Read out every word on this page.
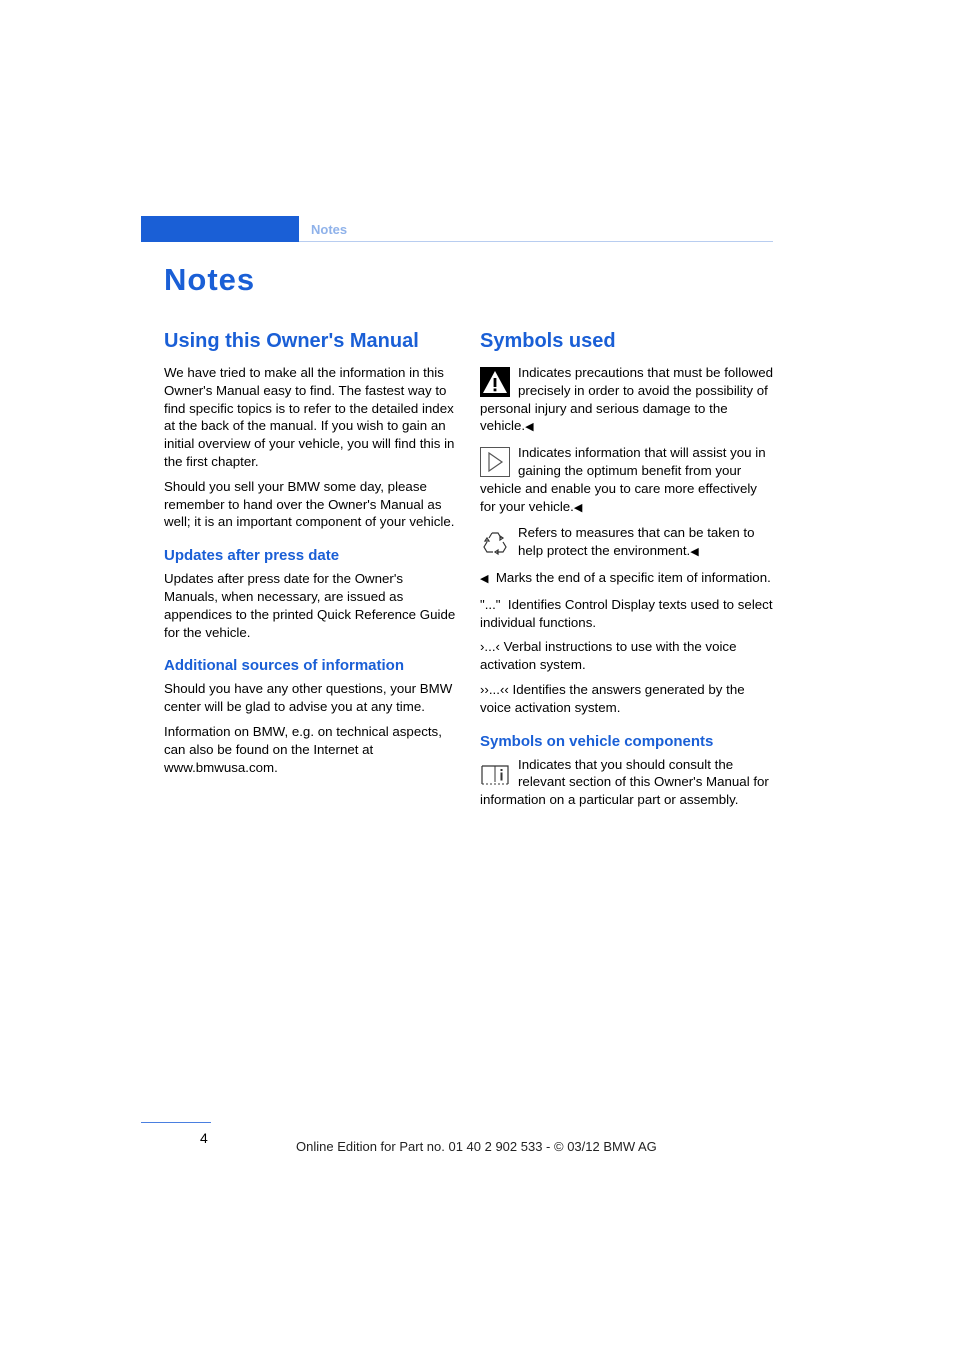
Notes
Notes
Using this Owner's Manual

We have tried to make all the information in this Owner's Manual easy to find. The fastest way to find specific topics is to refer to the detailed index at the back of the manual. If you wish to gain an initial overview of your vehicle, you will find this in the first chapter.

Should you sell your BMW some day, please remember to hand over the Owner's Manual as well; it is an important component of your vehicle.

Updates after press date

Updates after press date for the Owner's Manuals, when necessary, are issued as appendices to the printed Quick Reference Guide for the vehicle.

Additional sources of information

Should you have any other questions, your BMW center will be glad to advise you at any time.

Information on BMW, e.g. on technical aspects, can also be found on the Internet at www.bmwusa.com.

Symbols used
Indicates precautions that must be followed precisely in order to avoid the possibility of personal injury and serious damage to the vehicle.◀
Indicates information that will assist you in gaining the optimum benefit from your vehicle and enable you to care more effectively for your vehicle.◀
Refers to measures that can be taken to help protect the environment.◀

◀ Marks the end of a specific item of information.

"..." Identifies Control Display texts used to select individual functions.

›...‹ Verbal instructions to use with the voice activation system.

››...‹‹ Identifies the answers generated by the voice activation system.

Symbols on vehicle components
Indicates that you should consult the relevant section of this Owner's Manual for information on a particular part or assembly.
4
Online Edition for Part no. 01 40 2 902 533 - © 03/12 BMW AG
